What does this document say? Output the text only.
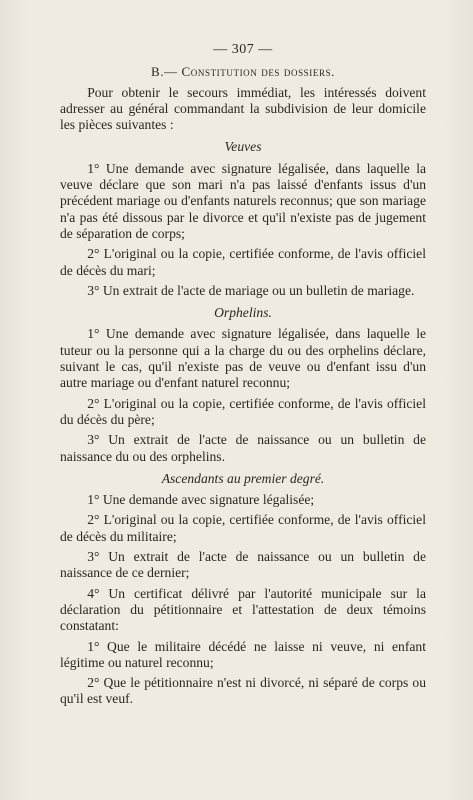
— 307 —
B.— Constitution des dossiers.

Pour obtenir le secours immédiat, les intéressés doivent adresser au général commandant la subdivision de leur domicile les pièces suivantes :

Veuves

1° Une demande avec signature légalisée, dans laquelle la veuve déclare que son mari n'a pas laissé d'enfants issus d'un précédent mariage ou d'enfants naturels reconnus; que son mariage n'a pas été dissous par le divorce et qu'il n'existe pas de jugement de séparation de corps;

2° L'original ou la copie, certifiée conforme, de l'avis officiel de décès du mari;

3° Un extrait de l'acte de mariage ou un bulletin de mariage.

Orphelins.

1° Une demande avec signature légalisée, dans laquelle le tuteur ou la personne qui a la charge du ou des orphelins déclare, suivant le cas, qu'il n'existe pas de veuve ou d'enfant issu d'un autre mariage ou d'enfant naturel reconnu;

2° L'original ou la copie, certifiée conforme, de l'avis officiel du décès du père;

3° Un extrait de l'acte de naissance ou un bulletin de naissance du ou des orphelins.

Ascendants au premier degré.

1° Une demande avec signature légalisée;

2° L'original ou la copie, certifiée conforme, de l'avis officiel de décès du militaire;

3° Un extrait de l'acte de naissance ou un bulletin de naissance de ce dernier;

4° Un certificat délivré par l'autorité municipale sur la déclaration du pétitionnaire et l'attestation de deux témoins constatant:

1° Que le militaire décédé ne laisse ni veuve, ni enfant légitime ou naturel reconnu;

2° Que le pétitionnaire n'est ni divorcé, ni séparé de corps ou qu'il est veuf.
